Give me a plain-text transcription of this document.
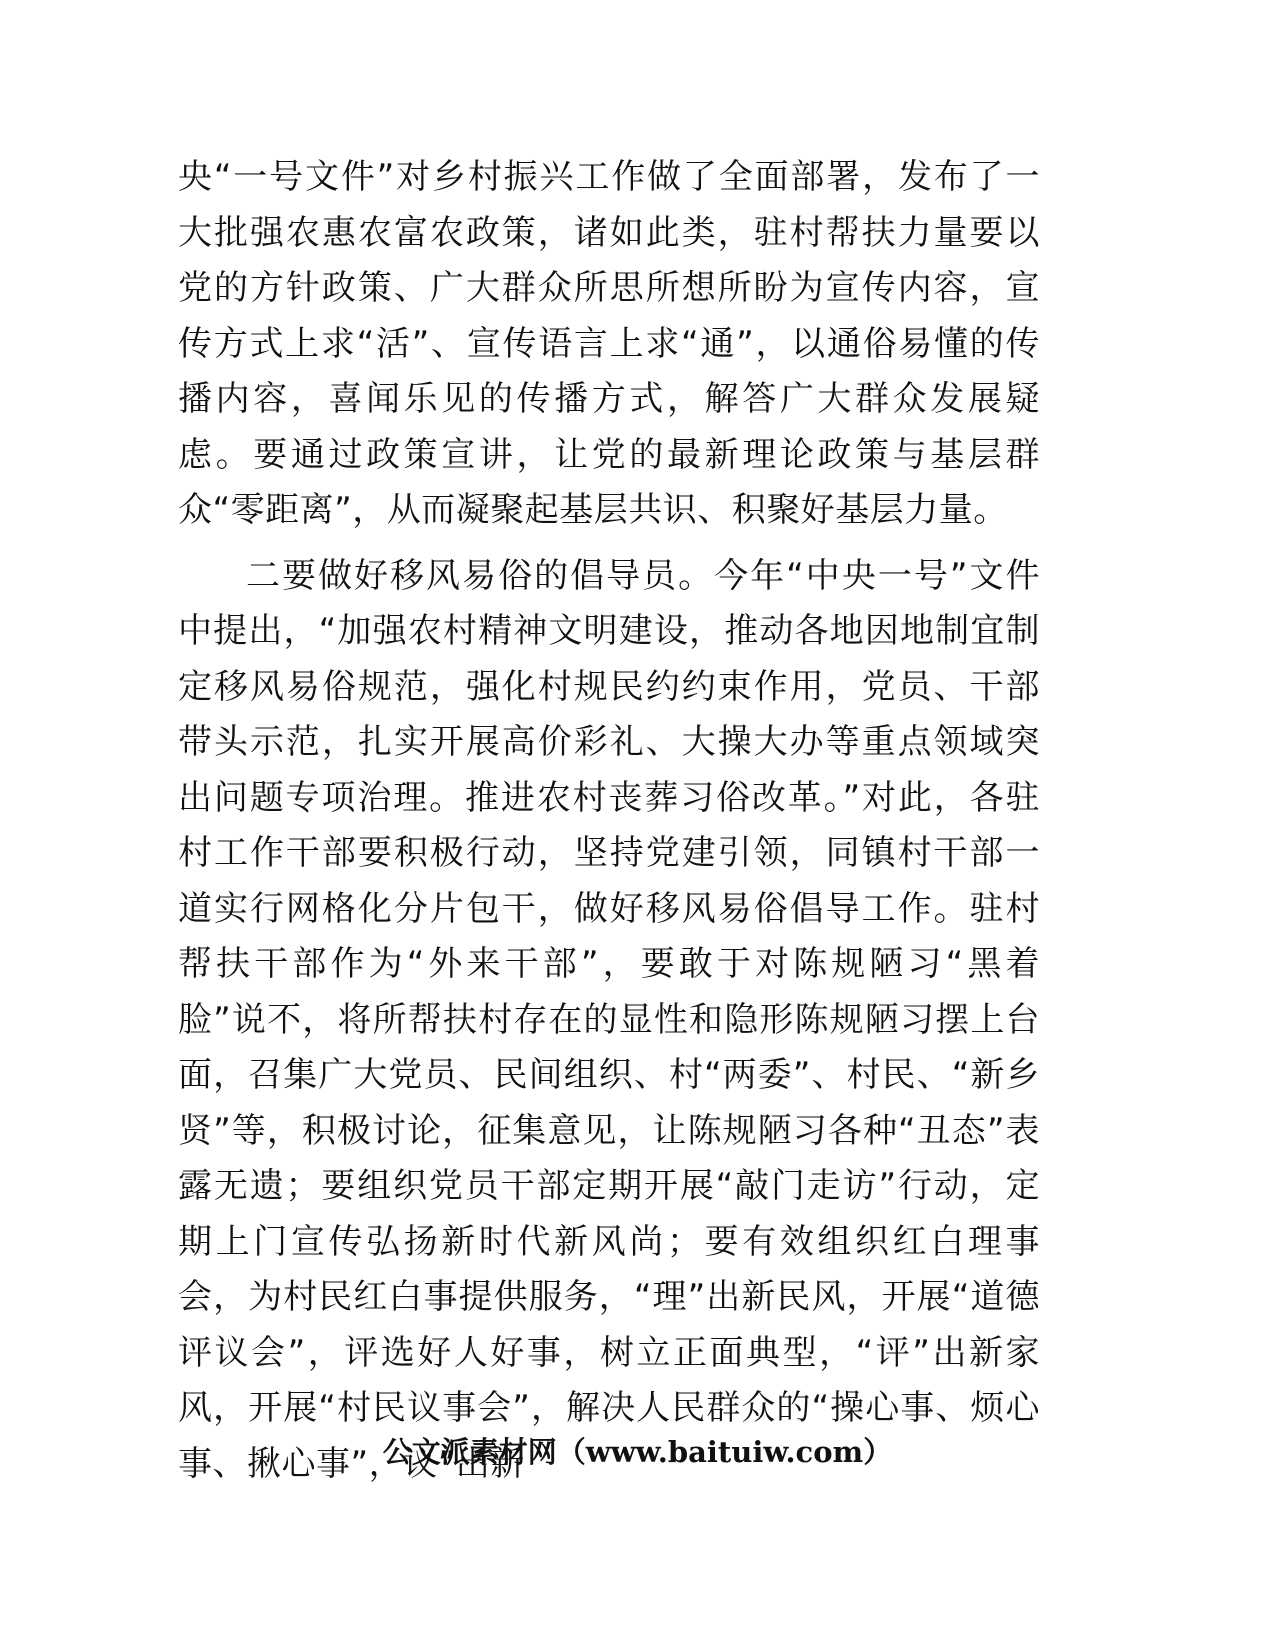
央“一号文件”对乡村振兴工作做了全面部署，发布了一大批强农惠农富农政策，诸如此类，驻村帮扶力量要以党的方针政策、广大群众所思所想所盼为宣传内容，宣传方式上求“活”、宣传语言上求“通”，以通俗易懂的传播内容，喜闻乐见的传播方式，解答广大群众发展疑虑。要通过政策宣讲，让党的最新理论政策与基层群众“零距离”，从而凝聚起基层共识、积聚好基层力量。

二要做好移风易俗的倡导员。今年“中央一号”文件中提出，“加强农村精神文明建设，推动各地因地制宜制定移风易俗规范，强化村规民约约束作用，党员、干部带头示范，扎实开展高价彩礼、大操大办等重点领域突出问题专项治理。推进农村丧葬习俗改革。”对此，各驻村工作干部要积极行动，坚持党建引领，同镇村干部一道实行网格化分片包干，做好移风易俗倡导工作。驻村帮扶干部作为“外来干部”，要敢于对陈规陋习“黑着脸”说不，将所帮扶村存在的显性和隐形陈规陋习摆上台面，召集广大党员、民间组织、村“两委”、村民、“新乡贤”等，积极讨论，征集意见，让陈规陋习各种“丑态”表露无遗；要组织党员干部定期开展“敲门走访”行动，定期上门宣传弘扬新时代新风尚；要有效组织红白理事会，为村民红白事提供服务，“理”出新民风，开展“道德评议会”，评选好人好事，树立正面典型，“评”出新家风，开展“村民议事会”，解决人民群众的“操心事、烦心事、揪心事”，议”出新

公文派素材网（www.baituiw.com）
